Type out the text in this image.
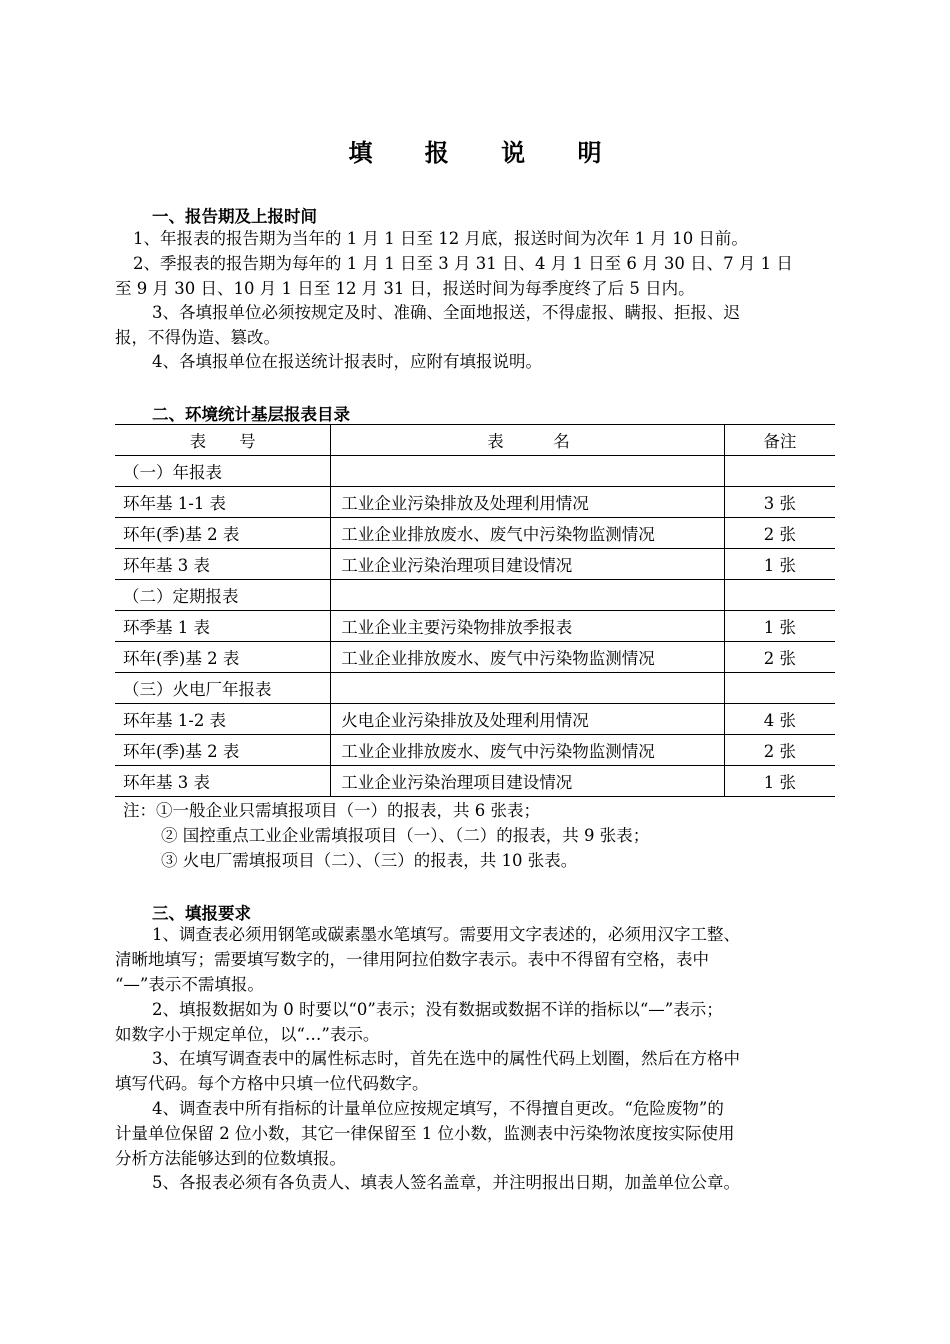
填 报 说 明
一、报告期及上报时间
1、年报表的报告期为当年的 1 月 1 日至 12 月底，报送时间为次年 1 月 10 日前。
2、季报表的报告期为每年的 1 月 1 日至 3 月 31 日、4 月 1 日至 6 月 30 日、7 月 1 日
至 9 月 30 日、10 月 1 日至 12 月 31 日，报送时间为每季度终了后 5 日内。
3、各填报单位必须按规定及时、准确、全面地报送，不得虚报、瞒报、拒报、迟
报，不得伪造、篡改。
4、各填报单位在报送统计报表时，应附有填报说明。
二、环境统计基层报表目录
表　　号	表　　　名	备注
（一）年报表		
环年基 1-1 表	工业企业污染排放及处理利用情况	3 张
环年(季)基 2 表	工业企业排放废水、废气中污染物监测情况	2 张
环年基 3 表	工业企业污染治理项目建设情况	1 张
（二）定期报表		
环季基 1 表	工业企业主要污染物排放季报表	1 张
环年(季)基 2 表	工业企业排放废水、废气中污染物监测情况	2 张
（三）火电厂年报表		
环年基 1-2 表	火电企业污染排放及处理利用情况	4 张
环年(季)基 2 表	工业企业排放废水、废气中污染物监测情况	2 张
环年基 3 表	工业企业污染治理项目建设情况	1 张
注：①一般企业只需填报项目（一）的报表，共 6 张表；
② 国控重点工业企业需填报项目（一）、（二）的报表，共 9 张表；
③ 火电厂需填报项目（二）、（三）的报表，共 10 张表。
三、填报要求
1、调查表必须用钢笔或碳素墨水笔填写。需要用文字表述的，必须用汉字工整、
清晰地填写；需要填写数字的，一律用阿拉伯数字表示。表中不得留有空格，表中
“—”表示不需填报。
2、填报数据如为 0 时要以“0”表示；没有数据或数据不详的指标以“—”表示；
如数字小于规定单位，以“…”表示。
3、在填写调查表中的属性标志时，首先在选中的属性代码上划圈，然后在方格中
填写代码。每个方格中只填一位代码数字。
4、调查表中所有指标的计量单位应按规定填写，不得擅自更改。“危险废物”的
计量单位保留 2 位小数，其它一律保留至 1 位小数，监测表中污染物浓度按实际使用
分析方法能够达到的位数填报。
5、各报表必须有各负责人、填表人签名盖章，并注明报出日期，加盖单位公章。
